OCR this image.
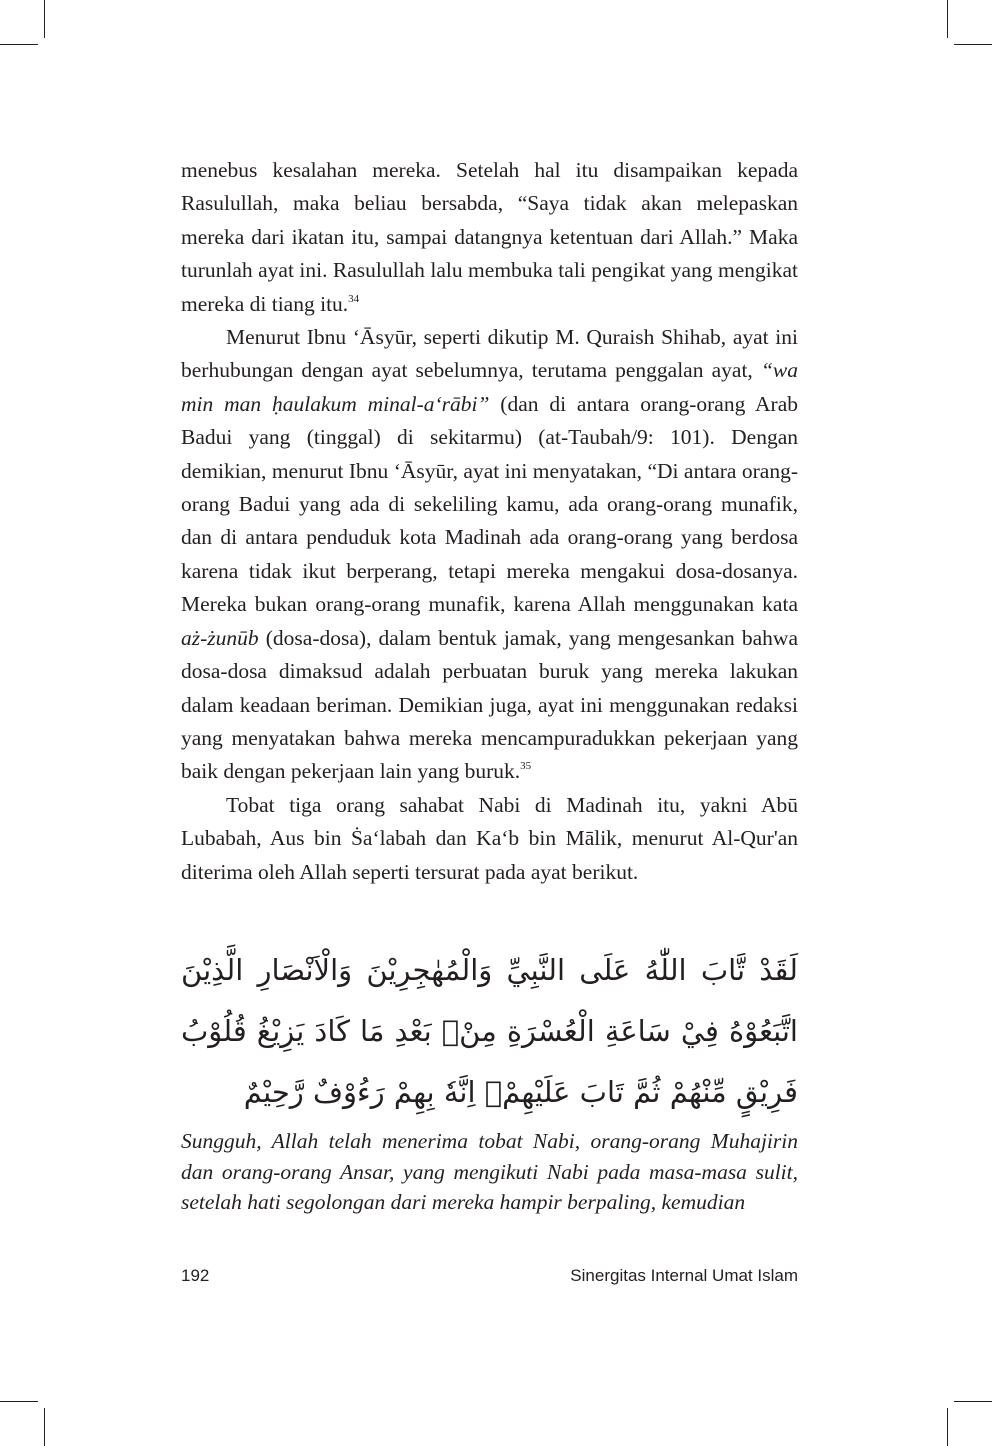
menebus kesalahan mereka. Setelah hal itu disampaikan kepada Rasulullah, maka beliau bersabda, “Saya tidak akan melepaskan mereka dari ikatan itu, sampai datangnya ketentuan dari Allah.” Maka turunlah ayat ini. Rasulullah lalu membuka tali pengikat yang mengikat mereka di tiang itu.$^{34}$

Menurut Ibnu ‘Āsyūr, seperti dikutip M. Quraish Shihab, ayat ini berhubungan dengan ayat sebelumnya, terutama penggalan ayat, “wa min man ḥaulakum minal-a‘rābi” (dan di antara orang-orang Arab Badui yang (tinggal) di sekitarmu) (at-Taubah/9: 101). Dengan demikian, menurut Ibnu ‘Āsyūr, ayat ini menyatakan, “Di antara orang-orang Badui yang ada di sekeliling kamu, ada orang-orang munafik, dan di antara penduduk kota Madinah ada orang-orang yang berdosa karena tidak ikut berperang, tetapi mereka mengakui dosa-dosanya. Mereka bukan orang-orang munafik, karena Allah menggunakan kata aż-żunūb (dosa-dosa), dalam bentuk jamak, yang mengesankan bahwa dosa-dosa dimaksud adalah perbuatan buruk yang mereka lakukan dalam keadaan beriman. Demikian juga, ayat ini menggunakan redaksi yang menyatakan bahwa mereka mencampuradukkan pekerjaan yang baik dengan pekerjaan lain yang buruk.$^{35}$

Tobat tiga orang sahabat Nabi di Madinah itu, yakni Abū Lubabah, Aus bin Ṡa‘labah dan Ka‘b bin Mālik, menurut Al-Qur'an diterima oleh Allah seperti tersurat pada ayat berikut.

لَقَدْ تَّابَ اللّٰهُ عَلَى النَّبِيِّ وَالْمُهٰجِرِيْنَ وَالْاَنْصَارِ الَّذِيْنَ اتَّبَعُوْهُ فِيْ سَاعَةِ الْعُسْرَةِ مِنْۢ بَعْدِ مَا كَادَ يَزِيْغُ قُلُوْبُ فَرِيْقٍ مِّنْهُمْ ثُمَّ تَابَ عَلَيْهِمْۗ اِنَّهٗ بِهِمْ رَءُوْفٌ رَّحِيْمٌ

Sungguh, Allah telah menerima tobat Nabi, orang-orang Muhajirin dan orang-orang Ansar, yang mengikuti Nabi pada masa-masa sulit, setelah hati segolongan dari mereka hampir berpaling, kemudian

192	Sinergitas Internal Umat Islam
